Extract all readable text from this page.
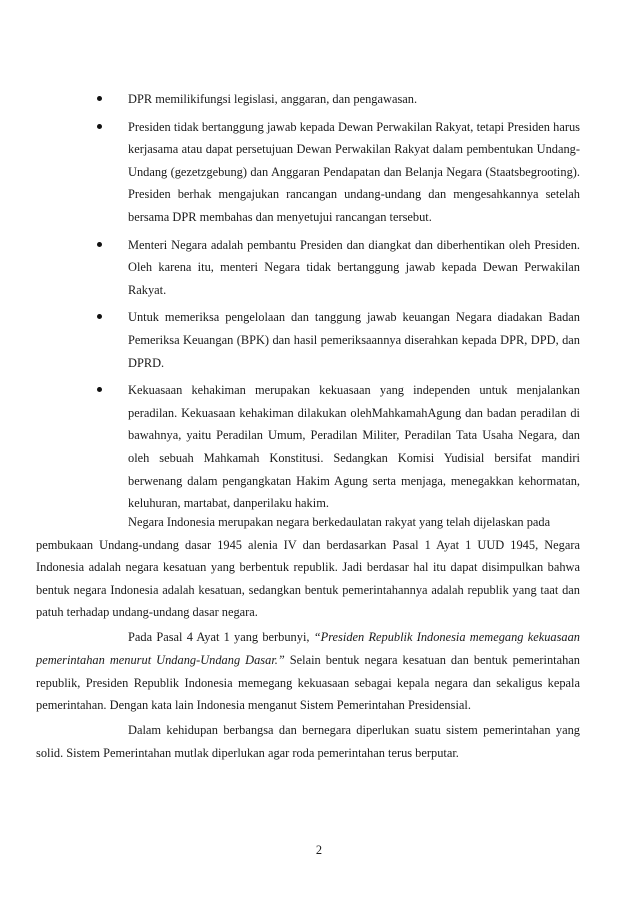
DPR memilikifungsi legislasi, anggaran, dan pengawasan.
Presiden tidak bertanggung jawab kepada Dewan Perwakilan Rakyat, tetapi Presiden harus kerjasama atau dapat persetujuan Dewan Perwakilan Rakyat dalam pembentukan Undang-Undang (gezetzgebung) dan Anggaran Pendapatan dan Belanja Negara (Staatsbegrooting). Presiden berhak mengajukan rancangan undang-undang dan mengesahkannya setelah bersama DPR membahas dan menyetujui rancangan tersebut.
Menteri Negara adalah pembantu Presiden dan diangkat dan diberhentikan oleh Presiden. Oleh karena itu, menteri Negara tidak bertanggung jawab kepada Dewan Perwakilan Rakyat.
Untuk memeriksa pengelolaan dan tanggung jawab keuangan Negara diadakan Badan Pemeriksa Keuangan (BPK) dan hasil pemeriksaannya diserahkan kepada DPR, DPD, dan DPRD.
Kekuasaan kehakiman merupakan kekuasaan yang independen untuk menjalankan peradilan. Kekuasaan kehakiman dilakukan olehMahkamahAgung dan badan peradilan di bawahnya, yaitu Peradilan Umum, Peradilan Militer, Peradilan Tata Usaha Negara, dan oleh sebuah Mahkamah Konstitusi. Sedangkan Komisi Yudisial bersifat mandiri berwenang dalam pengangkatan Hakim Agung serta menjaga, menegakkan kehormatan, keluhuran, martabat, danperilaku hakim.

Negara Indonesia merupakan negara berkedaulatan rakyat yang telah dijelaskan pada

pembukaan Undang-undang dasar 1945 alenia IV dan berdasarkan Pasal 1 Ayat 1 UUD 1945, Negara Indonesia adalah negara kesatuan yang berbentuk republik. Jadi berdasar hal itu dapat disimpulkan bahwa bentuk negara Indonesia adalah kesatuan, sedangkan bentuk pemerintahannya adalah republik yang taat dan patuh terhadap undang-undang dasar negara.

Pada Pasal 4 Ayat 1 yang berbunyi, “Presiden Republik Indonesia memegang kekuasaan pemerintahan menurut Undang-Undang Dasar.” Selain bentuk negara kesatuan dan bentuk pemerintahan republik, Presiden Republik Indonesia memegang kekuasaan sebagai kepala negara dan sekaligus kepala pemerintahan. Dengan kata lain Indonesia menganut Sistem Pemerintahan Presidensial.

Dalam kehidupan berbangsa dan bernegara diperlukan suatu sistem pemerintahan yang solid. Sistem Pemerintahan mutlak diperlukan agar roda pemerintahan terus berputar.

2
